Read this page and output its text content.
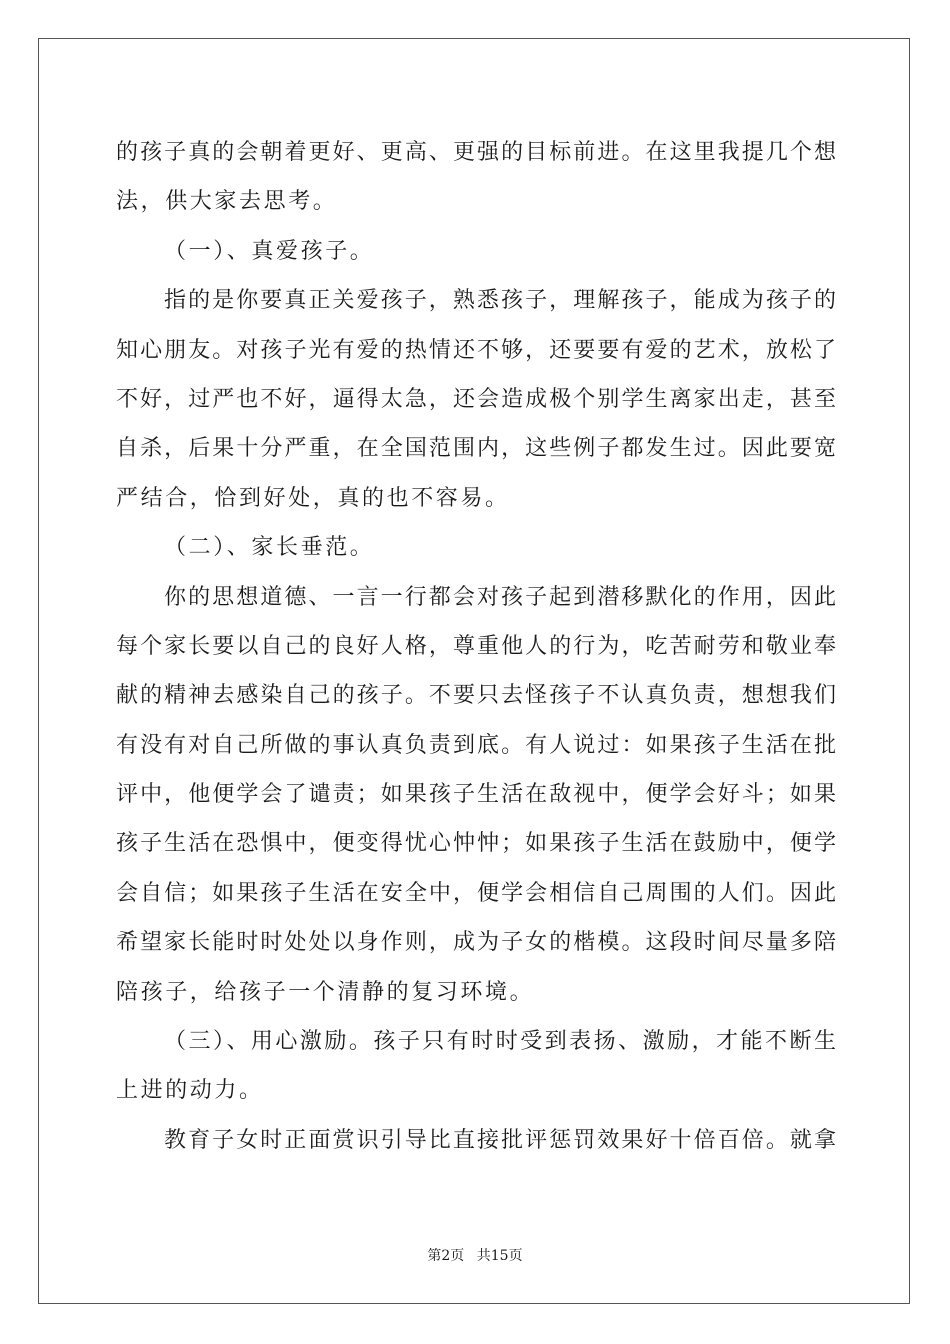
的孩子真的会朝着更好、更高、更强的目标前进。在这里我提几个想
法，供大家去思考。
（一）、真爱孩子。
指的是你要真正关爱孩子，熟悉孩子，理解孩子，能成为孩子的
知心朋友。对孩子光有爱的热情还不够，还要要有爱的艺术，放松了
不好，过严也不好，逼得太急，还会造成极个别学生离家出走，甚至
自杀，后果十分严重，在全国范围内，这些例子都发生过。因此要宽
严结合，恰到好处，真的也不容易。
（二）、家长垂范。
你的思想道德、一言一行都会对孩子起到潜移默化的作用，因此
每个家长要以自己的良好人格，尊重他人的行为，吃苦耐劳和敬业奉
献的精神去感染自己的孩子。不要只去怪孩子不认真负责，想想我们
有没有对自己所做的事认真负责到底。有人说过：如果孩子生活在批
评中，他便学会了谴责；如果孩子生活在敌视中，便学会好斗；如果
孩子生活在恐惧中，便变得忧心忡忡；如果孩子生活在鼓励中，便学
会自信；如果孩子生活在安全中，便学会相信自己周围的人们。因此
希望家长能时时处处以身作则，成为子女的楷模。这段时间尽量多陪
陪孩子，给孩子一个清静的复习环境。
（三）、用心激励。孩子只有时时受到表扬、激励，才能不断生
上进的动力。
教育子女时正面赏识引导比直接批评惩罚效果好十倍百倍。就拿
第2页 共15页
